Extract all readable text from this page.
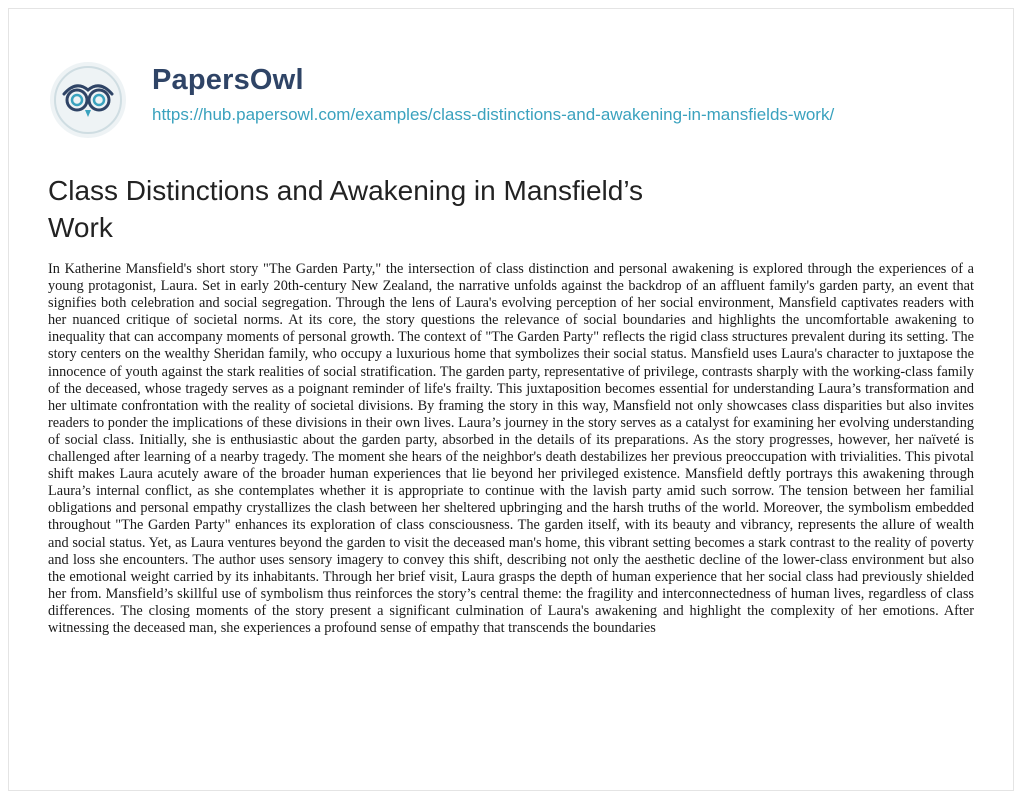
PapersOwl
https://hub.papersowl.com/examples/class-distinctions-and-awakening-in-mansfields-work/
Class Distinctions and Awakening in Mansfield’s Work
In Katherine Mansfield's short story "The Garden Party," the intersection of class distinction and personal awakening is explored through the experiences of a young protagonist, Laura. Set in early 20th-century New Zealand, the narrative unfolds against the backdrop of an affluent family's garden party, an event that signifies both celebration and social segregation. Through the lens of Laura's evolving perception of her social environment, Mansfield captivates readers with her nuanced critique of societal norms. At its core, the story questions the relevance of social boundaries and highlights the uncomfortable awakening to inequality that can accompany moments of personal growth. The context of "The Garden Party" reflects the rigid class structures prevalent during its setting. The story centers on the wealthy Sheridan family, who occupy a luxurious home that symbolizes their social status. Mansfield uses Laura's character to juxtapose the innocence of youth against the stark realities of social stratification. The garden party, representative of privilege, contrasts sharply with the working-class family of the deceased, whose tragedy serves as a poignant reminder of life's frailty. This juxtaposition becomes essential for understanding Laura’s transformation and her ultimate confrontation with the reality of societal divisions. By framing the story in this way, Mansfield not only showcases class disparities but also invites readers to ponder the implications of these divisions in their own lives. Laura’s journey in the story serves as a catalyst for examining her evolving understanding of social class. Initially, she is enthusiastic about the garden party, absorbed in the details of its preparations. As the story progresses, however, her naïveté is challenged after learning of a nearby tragedy. The moment she hears of the neighbor's death destabilizes her previous preoccupation with trivialities. This pivotal shift makes Laura acutely aware of the broader human experiences that lie beyond her privileged existence. Mansfield deftly portrays this awakening through Laura’s internal conflict, as she contemplates whether it is appropriate to continue with the lavish party amid such sorrow. The tension between her familial obligations and personal empathy crystallizes the clash between her sheltered upbringing and the harsh truths of the world. Moreover, the symbolism embedded throughout "The Garden Party" enhances its exploration of class consciousness. The garden itself, with its beauty and vibrancy, represents the allure of wealth and social status. Yet, as Laura ventures beyond the garden to visit the deceased man's home, this vibrant setting becomes a stark contrast to the reality of poverty and loss she encounters. The author uses sensory imagery to convey this shift, describing not only the aesthetic decline of the lower-class environment but also the emotional weight carried by its inhabitants. Through her brief visit, Laura grasps the depth of human experience that her social class had previously shielded her from. Mansfield’s skillful use of symbolism thus reinforces the story’s central theme: the fragility and interconnectedness of human lives, regardless of class differences. The closing moments of the story present a significant culmination of Laura's awakening and highlight the complexity of her emotions. After witnessing the deceased man, she experiences a profound sense of empathy that transcends the boundaries
